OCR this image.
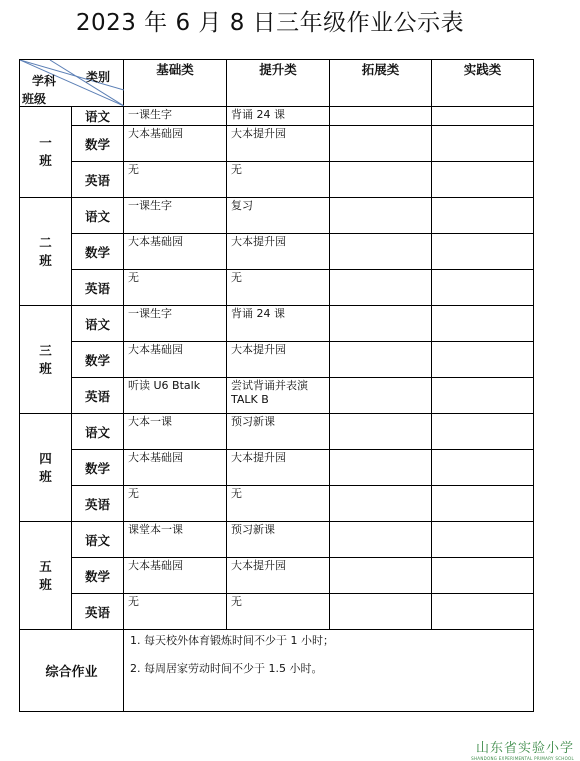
2023 年 6 月 8 日三年级作业公示表
类别
学科
班级		基础类	提升类	拓展类	实践类

一
班	语文	一课生字	背诵 24 课		
	数学	大本基础园	大本提升园		
	英语	无	无		

二
班	语文	一课生字	复习		
	数学	大本基础园	大本提升园		
	英语	无	无		

三
班	语文	一课生字	背诵 24 课		
	数学	大本基础园	大本提升园		
	英语	听读 U6 Btalk	尝试背诵并表演 TALK B		

四
班	语文	大本一课	预习新课		
	数学	大本基础园	大本提升园		
	英语	无	无		

五
班	语文	课堂本一课	预习新课		
	数学	大本基础园	大本提升园		
	英语	无	无		
综合作业		1. 每天校外体育锻炼时间不少于 1 小时；

2. 每周居家劳动时间不少于 1.5 小时。			

山东省实验小学
SHANDONG EXPERIMENTAL PRIMARY SCHOOL
